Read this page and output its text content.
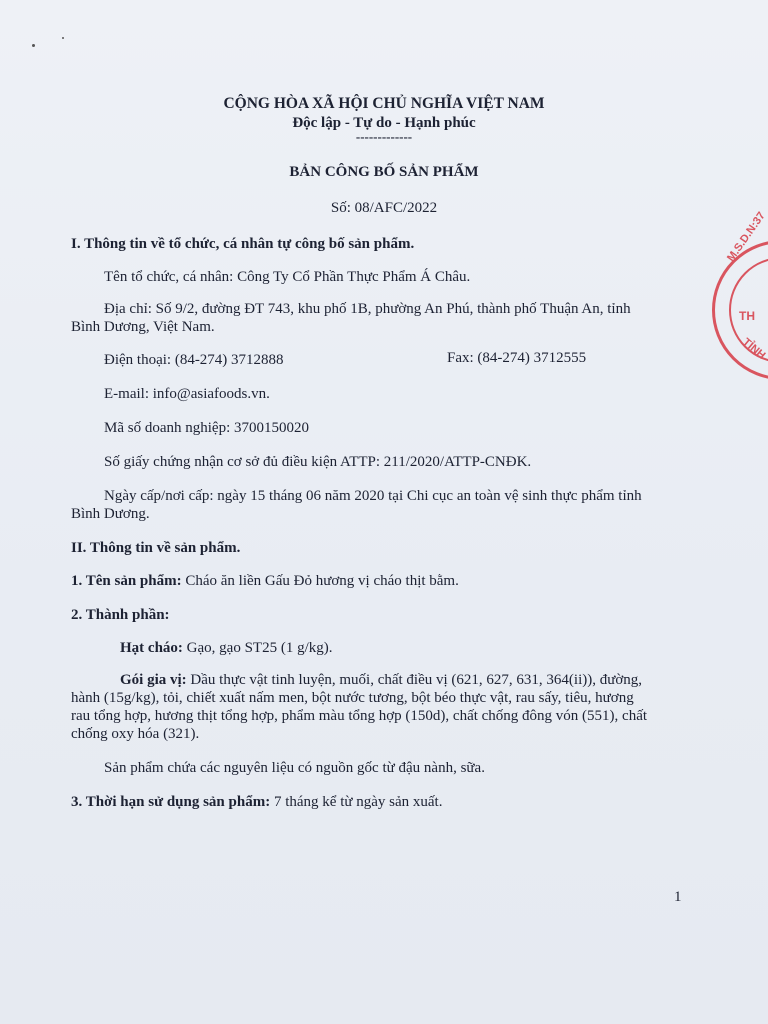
CỘNG HÒA XÃ HỘI CHỦ NGHĨA VIỆT NAM
Độc lập - Tự do - Hạnh phúc
-------------
BẢN CÔNG BỐ SẢN PHẨM
Số: 08/AFC/2022
I. Thông tin về tổ chức, cá nhân tự công bố sản phẩm.
Tên tổ chức, cá nhân: Công Ty Cổ Phần Thực Phẩm Á Châu.
Địa chỉ: Số 9/2, đường ĐT 743, khu phố 1B, phường An Phú, thành phố Thuận An, tỉnh
Bình Dương, Việt Nam.
Điện thoại: (84-274) 3712888	Fax: (84-274) 3712555
E-mail: info@asiafoods.vn.
Mã số doanh nghiệp: 3700150020
Số giấy chứng nhận cơ sở đủ điều kiện ATTP: 211/2020/ATTP-CNĐK.
Ngày cấp/nơi cấp: ngày 15 tháng 06 năm 2020 tại Chi cục an toàn vệ sinh thực phẩm tỉnh
Bình Dương.
II. Thông tin về sản phẩm.
1. Tên sản phẩm: Cháo ăn liền Gấu Đỏ hương vị cháo thịt bằm.
2. Thành phần:
Hạt cháo: Gạo, gạo ST25 (1 g/kg).
Gói gia vị: Dầu thực vật tinh luyện, muối, chất điều vị (621, 627, 631, 364(ii)), đường,
hành (15g/kg), tỏi, chiết xuất nấm men, bột nước tương, bột béo thực vật, rau sấy, tiêu, hương
rau tổng hợp, hương thịt tổng hợp, phẩm màu tổng hợp (150d), chất chống đông vón (551), chất
chống oxy hóa (321).
Sản phẩm chứa các nguyên liệu có nguồn gốc từ đậu nành, sữa.
3. Thời hạn sử dụng sản phẩm: 7 tháng kể từ ngày sản xuất.
1
M.S.D.N:37
TH
TỈNH
